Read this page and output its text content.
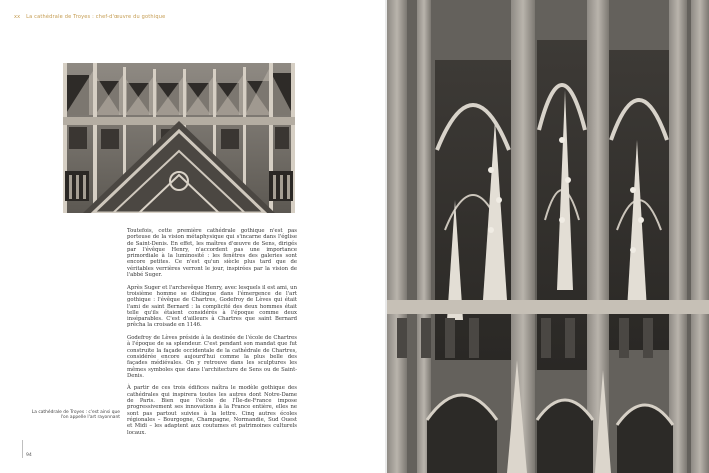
xx La cathédrale de Troyes : chef-d'œuvre du gothique

Toutefois, cette première cathédrale gothique n'est pas porteuse de la vision métaphysique qui s'incarne dans l'église de Saint-Denis. En effet, les maîtres d'œuvre de Sens, dirigés par l'évêque Henry, n'accordent pas une importance primordiale à la luminosité : les fenêtres des galeries sont encore petites. Ce n'est qu'un siècle plus tard que de véritables verrières verront le jour, inspirées par la vision de l'abbé Suger.

Après Suger et l'archevêque Henry, avec lesquels il est ami, un troisième homme se distingue dans l'émergence de l'art gothique : l'évêque de Chartres, Godefroy de Lèves qui était l'ami de saint Bernard : la complicité des deux hommes était telle qu'ils étaient considérés à l'époque comme deux inséparables. C'est d'ailleurs à Chartres que saint Bernard prêcha la croisade en 1146.

Godefroy de Lèves préside à la destinée de l'école de Chartres à l'époque de sa splendeur. C'est pendant son mandat que fut construite la façade occidentale de la cathédrale de Chartres, considérée encore aujourd'hui comme la plus belle des façades médiévales. On y retrouve dans les sculptures les mêmes symboles que dans l'architecture de Sens ou de Saint-Denis.

À partir de ces trois édifices naîtra le modèle gothique des cathédrales qui inspirera toutes les autres dont Notre-Dame de Paris. Bien que l'école de l'Île-de-France impose progressivement ses innovations à la France entière, elles ne sont pas partout suivies à la lettre. Cinq autres écoles régionales – Bourgogne, Champagne, Normandie, Sud Ouest et Midi – les adaptent aux coutumes et patrimoines culturels locaux.

La cathédrale de Troyes : c'est ainsi que l'on appelle l'art rayonnant
94
